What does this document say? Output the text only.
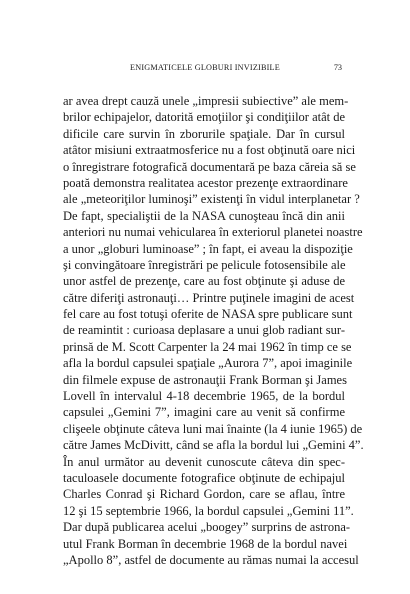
ENIGMATICELE GLOBURI INVIZIBILE	73
ar avea drept cauză unele „impresii subiective” ale mem-
brilor echipajelor, datorită emoţiilor şi condiţiilor atât de
dificile care survin în zborurile spaţiale. Dar în cursul
atâtor misiuni extraatmosferice nu a fost obţinută oare nici
o înregistrare fotografică documentară pe baza căreia să se
poată demonstra realitatea acestor prezenţe extraordinare
ale „meteoriţilor luminoşi” existenţi în vidul interplanetar ?
De fapt, specialiştii de la NASA cunoşteau încă din anii
anteriori nu numai vehicularea în exteriorul planetei noastre
a unor „globuri luminoase” ; în fapt, ei aveau la dispoziţie
şi convingătoare înregistrări pe pelicule fotosensibile ale
unor astfel de prezenţe, care au fost obţinute şi aduse de
către diferiţi astronauţi… Printre puţinele imagini de acest
fel care au fost totuşi oferite de NASA spre publicare sunt
de reamintit : curioasa deplasare a unui glob radiant sur-
prinsă de M. Scott Carpenter la 24 mai 1962 în timp ce se
afla la bordul capsulei spaţiale „Aurora 7”, apoi imaginile
din filmele expuse de astronauţii Frank Borman şi James
Lovell în intervalul 4-18 decembrie 1965, de la bordul
capsulei „Gemini 7”, imagini care au venit să confirme
clişeele obţinute câteva luni mai înainte (la 4 iunie 1965) de
către James McDivitt, când se afla la bordul lui „Gemini 4”.
În anul următor au devenit cunoscute câteva din spec-
taculoasele documente fotografice obţinute de echipajul
Charles Conrad şi Richard Gordon, care se aflau, între
12 şi 15 septembrie 1966, la bordul capsulei „Gemini 11”.
Dar după publicarea acelui „boogey” surprins de astrona-
utul Frank Borman în decembrie 1968 de la bordul navei
„Apollo 8”, astfel de documente au rămas numai la accesul
